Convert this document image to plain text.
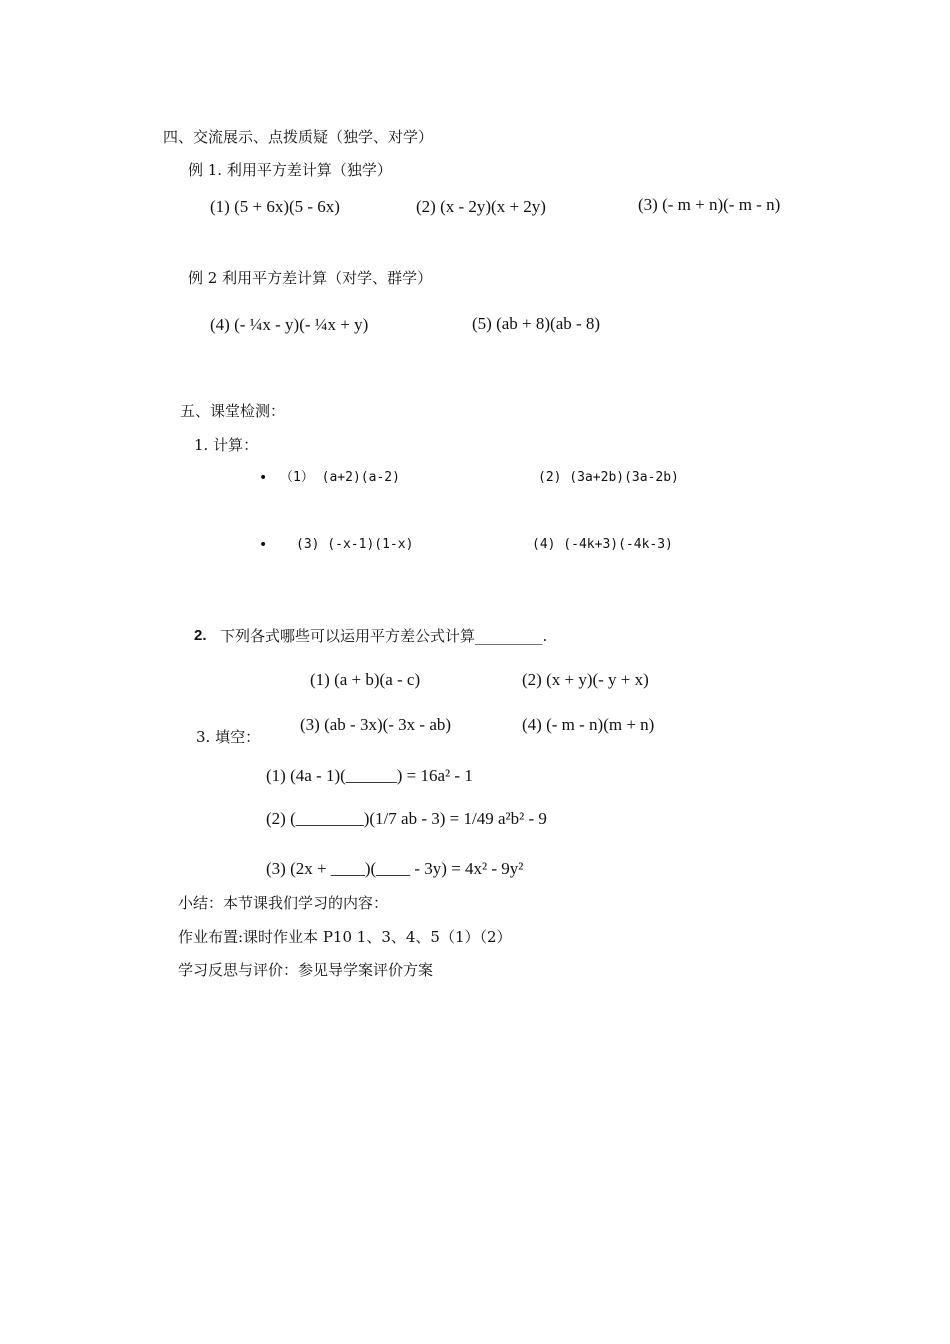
四、交流展示、点拨质疑（独学、对学）
例 1. 利用平方差计算（独学）
(1) (5 + 6x)(5 - 6x)	(2) (x - 2y)(x + 2y)	(3) (- m + n)(- m - n)
例 2 利用平方差计算（对学、群学）
(4) (- ¼x - y)(- ¼x + y)	(5) (ab + 8)(ab - 8)
五、课堂检测：
1. 计算：
• （1） (a+2)(a-2)	(2) (3a+2b)(3a-2b)
• (3) (-x-1)(1-x)	(4) (-4k+3)(-4k-3)
2. 下列各式哪些可以运用平方差公式计算_________.
(1) (a + b)(a - c)	(2) (x + y)(- y + x)
(3) (ab - 3x)(- 3x - ab)	(4) (- m - n)(m + n)
3. 填空：
(1) (4a - 1)(______) = 16a² - 1
(2) (________)(1/7 ab - 3) = 1/49 a²b² - 9
(3) (2x + ____)(____ - 3y) = 4x² - 9y²
小结：本节课我们学习的内容：
作业布置:课时作业本 P10 1、3、4、5（1）（2）
学习反思与评价：参见导学案评价方案
